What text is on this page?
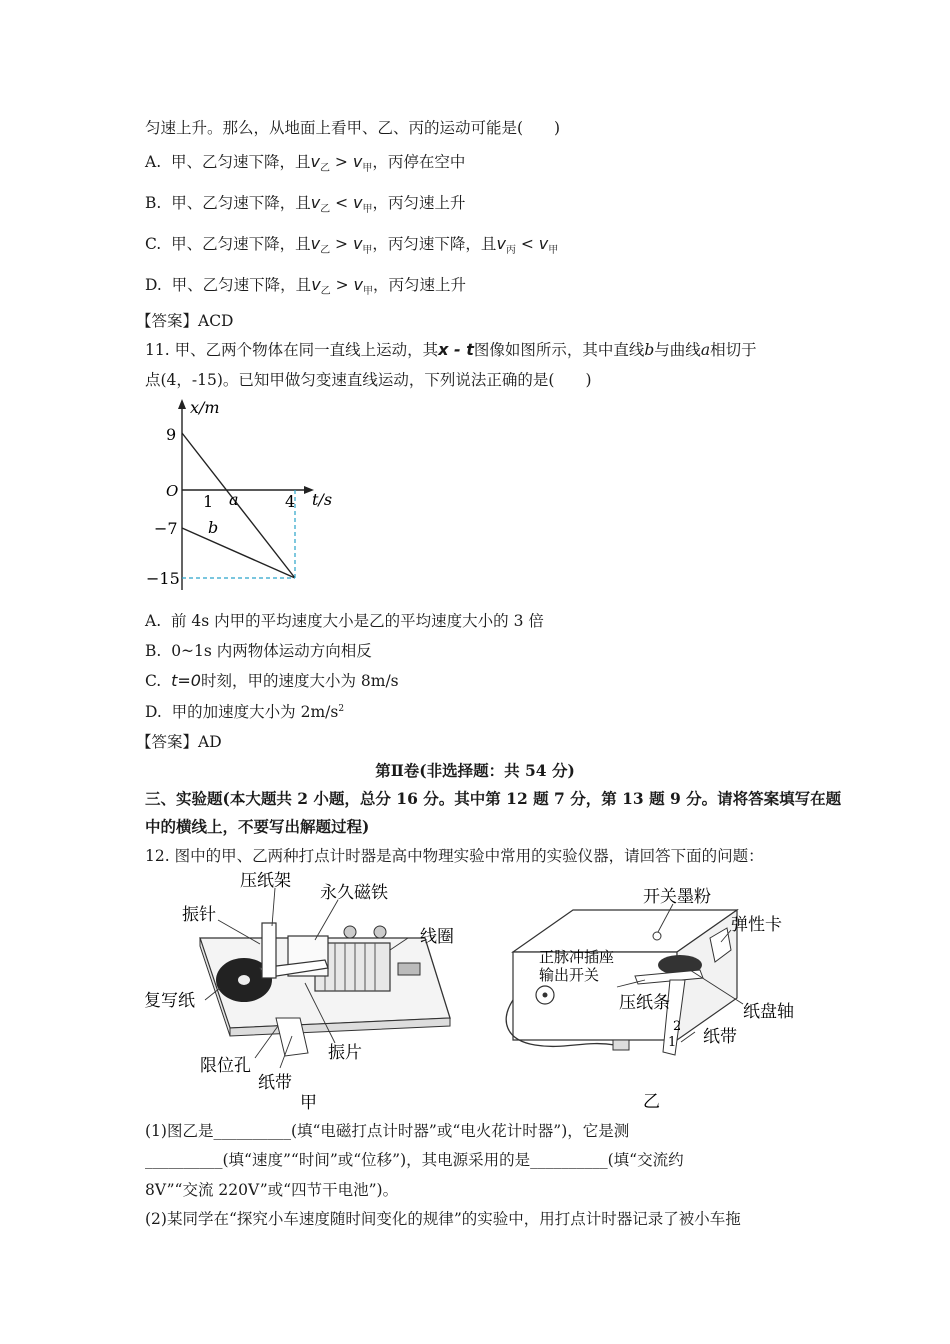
匀速上升。那么，从地面上看甲、乙、丙的运动可能是(　　)
A. 甲、乙匀速下降，且$v_乙 > v_甲$，丙停在空中
B. 甲、乙匀速下降，且$v_乙 < v_甲$，丙匀速上升
C. 甲、乙匀速下降，且$v_乙 > v_甲$，丙匀速下降，且$v_丙 < v_甲$
D. 甲、乙匀速下降，且$v_乙 > v_甲$，丙匀速上升
【答案】ACD
11. 甲、乙两个物体在同一直线上运动，其x - t图像如图所示，其中直线b与曲线a相切于
点(4，-15)。已知甲做匀变速直线运动，下列说法正确的是(　　)
x/m
t/s
O
9
−7
−15
1	4
a
b
A. 前 4s 内甲的平均速度大小是乙的平均速度大小的 3 倍
B. 0~1s 内两物体运动方向相反
C. t=0时刻，甲的速度大小为 8m/s
D. 甲的加速度大小为 $2m/s^2$
【答案】AD
第Ⅱ卷(非选择题：共 54 分)
三、实验题(本大题共 2 小题，总分 16 分。其中第 12 题 7 分，第 13 题 9 分。请将答案填写在题
中的横线上，不要写出解题过程)
12. 图中的甲、乙两种打点计时器是高中物理实验中常用的实验仪器，请回答下面的问题：
压纸架
永久磁铁
振针
线圈
复写纸
振片
限位孔
纸带
甲
开关墨粉
弹性卡
正脉冲插座
输出开关
压纸条	纸盘轴
纸带
2
1
乙
(1)图乙是__________(填“电磁打点计时器”或“电火花计时器”)，它是测
__________(填“速度”“时间”或“位移”)，其电源采用的是__________(填“交流约
8V”“交流 220V”或“四节干电池”)。
(2)某同学在“探究小车速度随时间变化的规律”的实验中，用打点计时器记录了被小车拖
